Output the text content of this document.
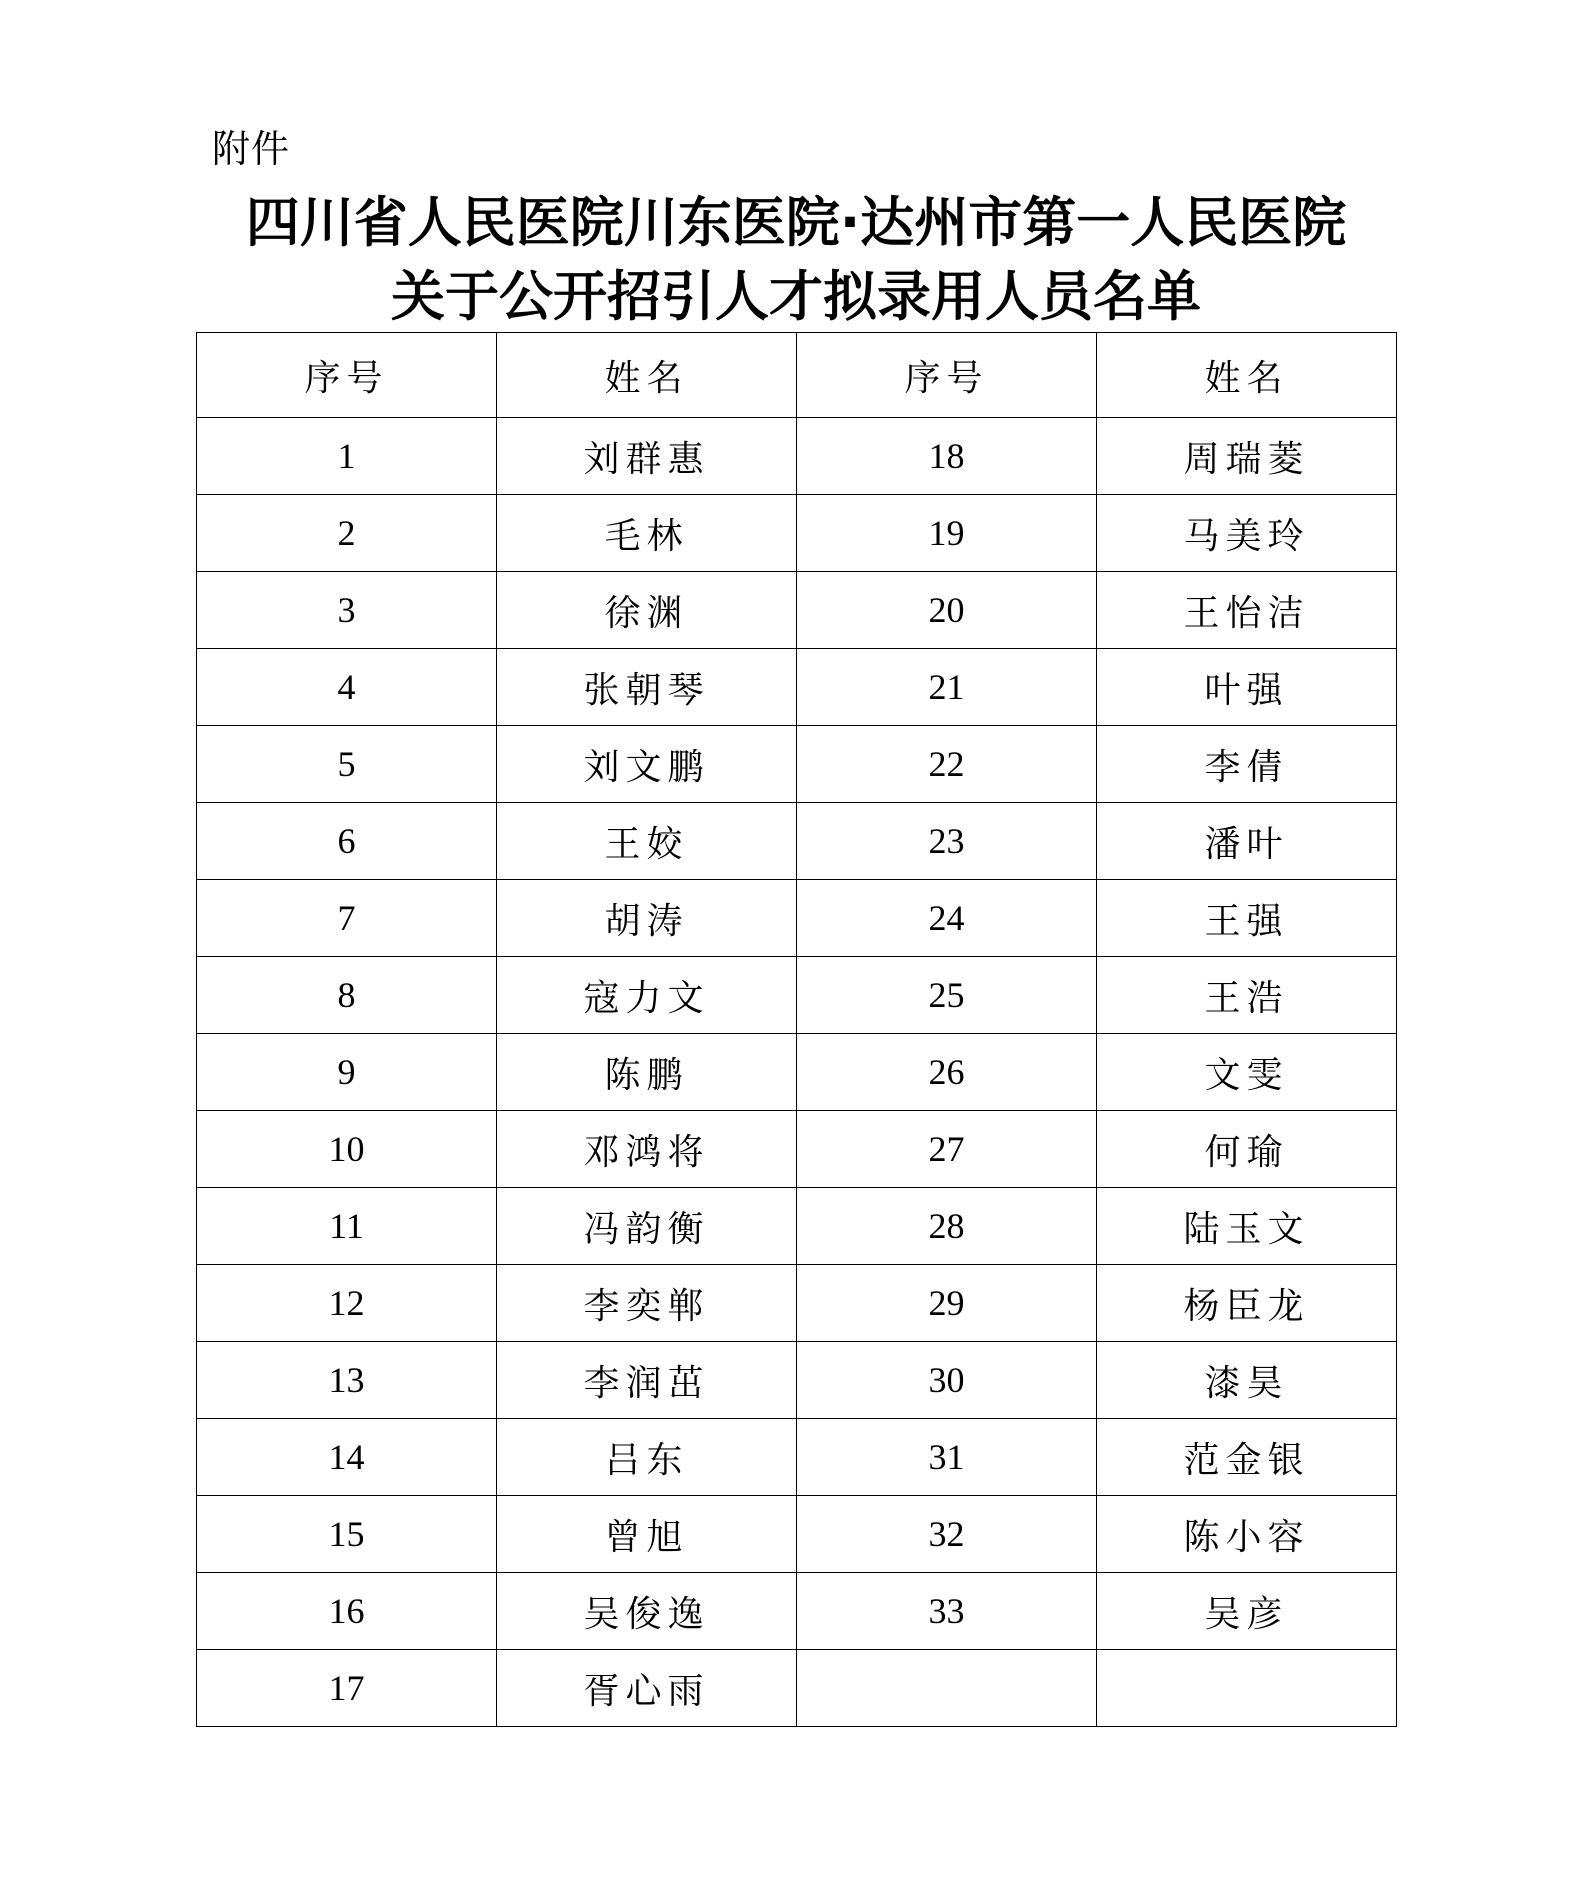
附件
四川省人民医院川东医院·达州市第一人民医院
关于公开招引人才拟录用人员名单
序号	姓名	序号	姓名
1	刘群惠	18	周瑞菱
2	毛林	19	马美玲
3	徐渊	20	王怡洁
4	张朝琴	21	叶强
5	刘文鹏	22	李倩
6	王姣	23	潘叶
7	胡涛	24	王强
8	寇力文	25	王浩
9	陈鹏	26	文雯
10	邓鸿将	27	何瑜
11	冯韵衡	28	陆玉文
12	李奕郸	29	杨臣龙
13	李润茁	30	漆昊
14	吕东	31	范金银
15	曾旭	32	陈小容
16	吴俊逸	33	吴彦
17	胥心雨		
